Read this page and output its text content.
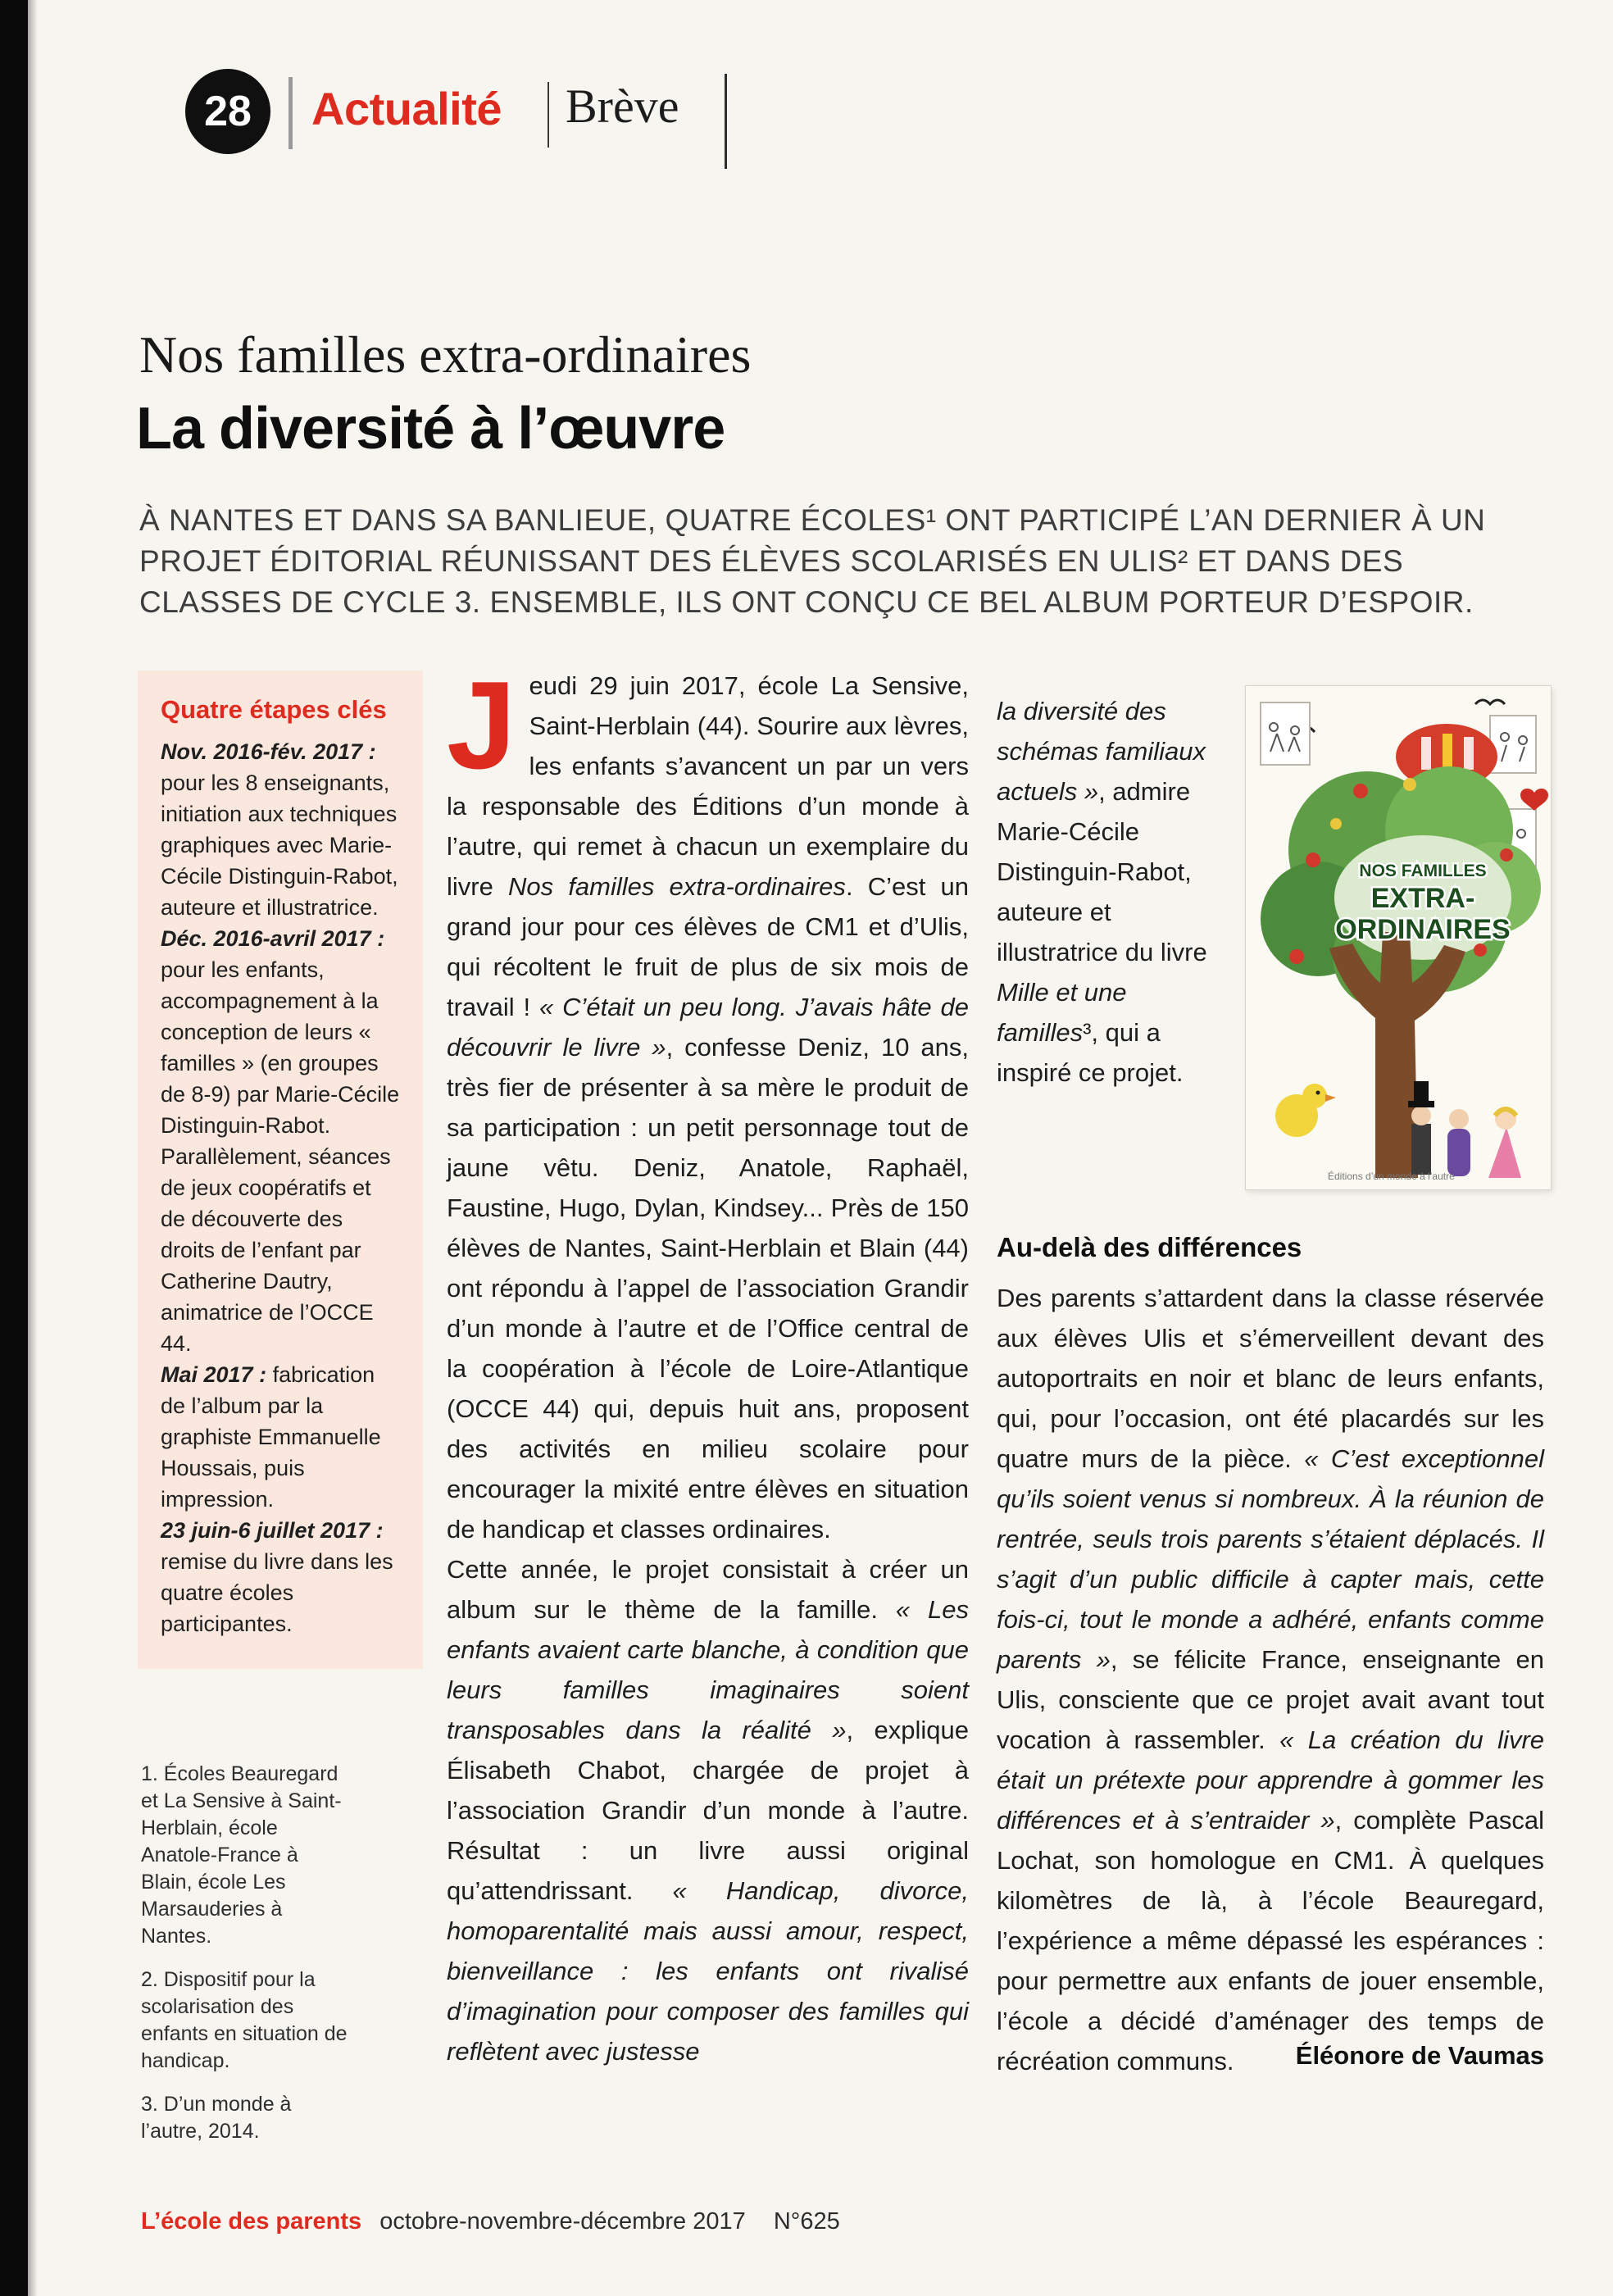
28 Actualité Brève
Nos familles extra-ordinaires
La diversité à l’œuvre
À NANTES ET DANS SA BANLIEUE, QUATRE ÉCOLES¹ ONT PARTICIPÉ L’AN DERNIER À UN PROJET ÉDITORIAL RÉUNISSANT DES ÉLÈVES SCOLARISÉS EN ULIS² ET DANS DES CLASSES DE CYCLE 3. ENSEMBLE, ILS ONT CONÇU CE BEL ALBUM PORTEUR D’ESPOIR.

Quatre étapes clés

Nov. 2016-fév. 2017 : pour les 8 enseignants, initiation aux techniques graphiques avec Marie-Cécile Distinguin-Rabot, auteure et illustratrice.

Déc. 2016-avril 2017 : pour les enfants, accompagnement à la conception de leurs « familles » (en groupes de 8-9) par Marie-Cécile Distinguin-Rabot. Parallèlement, séances de jeux coopératifs et de découverte des droits de l’enfant par Catherine Dautry, animatrice de l’OCCE 44.

Mai 2017 : fabrication de l’album par la graphiste Emmanuelle Houssais, puis impression.

23 juin-6 juillet 2017 : remise du livre dans les quatre écoles participantes.

1. Écoles Beauregard et La Sensive à Saint-Herblain, école Anatole-France à Blain, école Les Marsauderies à Nantes.

2. Dispositif pour la scolarisation des enfants en situation de handicap.

3. D’un monde à l’autre, 2014.

Jeudi 29 juin 2017, école La Sensive, Saint-Herblain (44). Sourire aux lèvres, les enfants s’avancent un par un vers la responsable des Éditions d’un monde à l’autre, qui remet à chacun un exemplaire du livre Nos familles extra-ordinaires. C’est un grand jour pour ces élèves de CM1 et d’Ulis, qui récoltent le fruit de plus de six mois de travail ! « C’était un peu long. J’avais hâte de découvrir le livre », confesse Deniz, 10 ans, très fier de présenter à sa mère le produit de sa participation : un petit personnage tout de jaune vêtu. Deniz, Anatole, Raphaël, Faustine, Hugo, Dylan, Kindsey... Près de 150 élèves de Nantes, Saint-Herblain et Blain (44) ont répondu à l’appel de l’association Grandir d’un monde à l’autre et de l’Office central de la coopération à l’école de Loire-Atlantique (OCCE 44) qui, depuis huit ans, proposent des activités en milieu scolaire pour encourager la mixité entre élèves en situation de handicap et classes ordinaires.

Cette année, le projet consistait à créer un album sur le thème de la famille. « Les enfants avaient carte blanche, à condition que leurs familles imaginaires soient transposables dans la réalité », explique Élisabeth Chabot, chargée de projet à l’association Grandir d’un monde à l’autre. Résultat : un livre aussi original qu’attendrissant. « Handicap, divorce, homoparentalité mais aussi amour, respect, bienveillance : les enfants ont rivalisé d’imagination pour composer des familles qui reflètent avec justesse

la diversité des schémas familiaux actuels », admire Marie-Cécile Distinguin-Rabot, auteure et illustratrice du livre Mille et une familles³, qui a inspiré ce projet.

NOS FAMILLES
EXTRA-
ORDINAIRES
Éditions d’un monde à l’autre

Au-delà des différences

Des parents s’attardent dans la classe réservée aux élèves Ulis et s’émerveillent devant des autoportraits en noir et blanc de leurs enfants, qui, pour l’occasion, ont été placardés sur les quatre murs de la pièce. « C’est exceptionnel qu’ils soient venus si nombreux. À la réunion de rentrée, seuls trois parents s’étaient déplacés. Il s’agit d’un public difficile à capter mais, cette fois-ci, tout le monde a adhéré, enfants comme parents », se félicite France, enseignante en Ulis, consciente que ce projet avait avant tout vocation à rassembler. « La création du livre était un prétexte pour apprendre à gommer les différences et à s’entraider », complète Pascal Lochat, son homologue en CM1. À quelques kilomètres de là, à l’école Beauregard, l’expérience a même dépassé les espérances : pour permettre aux enfants de jouer ensemble, l’école a décidé d’aménager des temps de récréation communs.	Éléonore de Vaumas
L’école des parents octobre-novembre-décembre 2017 N°625
